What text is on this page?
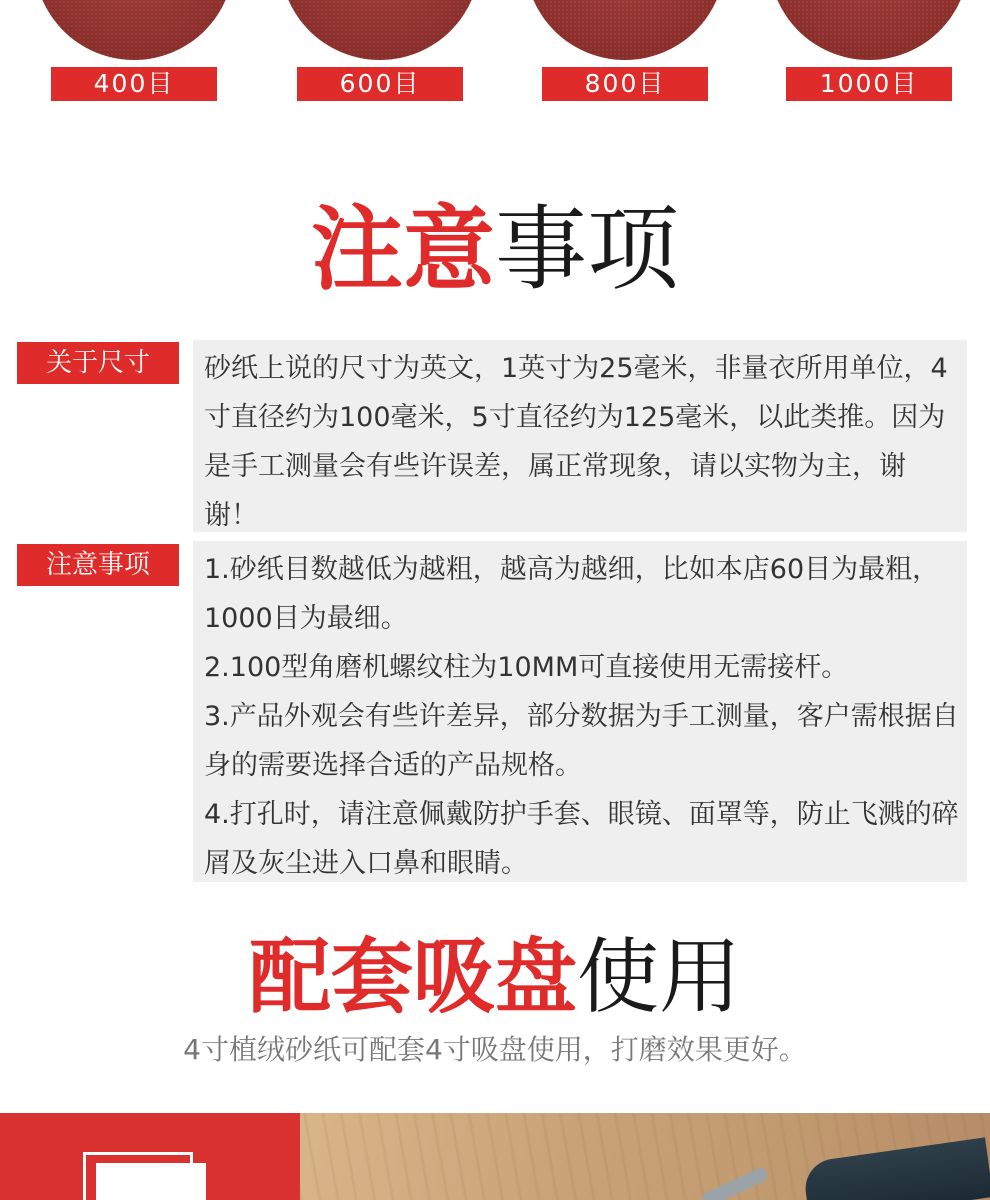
400目	600目	800目	1000目
注意事项
关于尺寸	砂纸上说的尺寸为英文，1英寸为25毫米，非量衣所用单位，4寸直径约为100毫米，5寸直径约为125毫米，以此类推。因为是手工测量会有些许误差，属正常现象，请以实物为主，谢谢！

注意事项	1.砂纸目数越低为越粗，越高为越细，比如本店60目为最粗，1000目为最细。

2.100型角磨机螺纹柱为10MM可直接使用无需接杆。

3.产品外观会有些许差异，部分数据为手工测量，客户需根据自身的需要选择合适的产品规格。

4.打孔时，请注意佩戴防护手套、眼镜、面罩等，防止飞溅的碎屑及灰尘进入口鼻和眼睛。

配套吸盘使用
4寸植绒砂纸可配套4寸吸盘使用，打磨效果更好。
